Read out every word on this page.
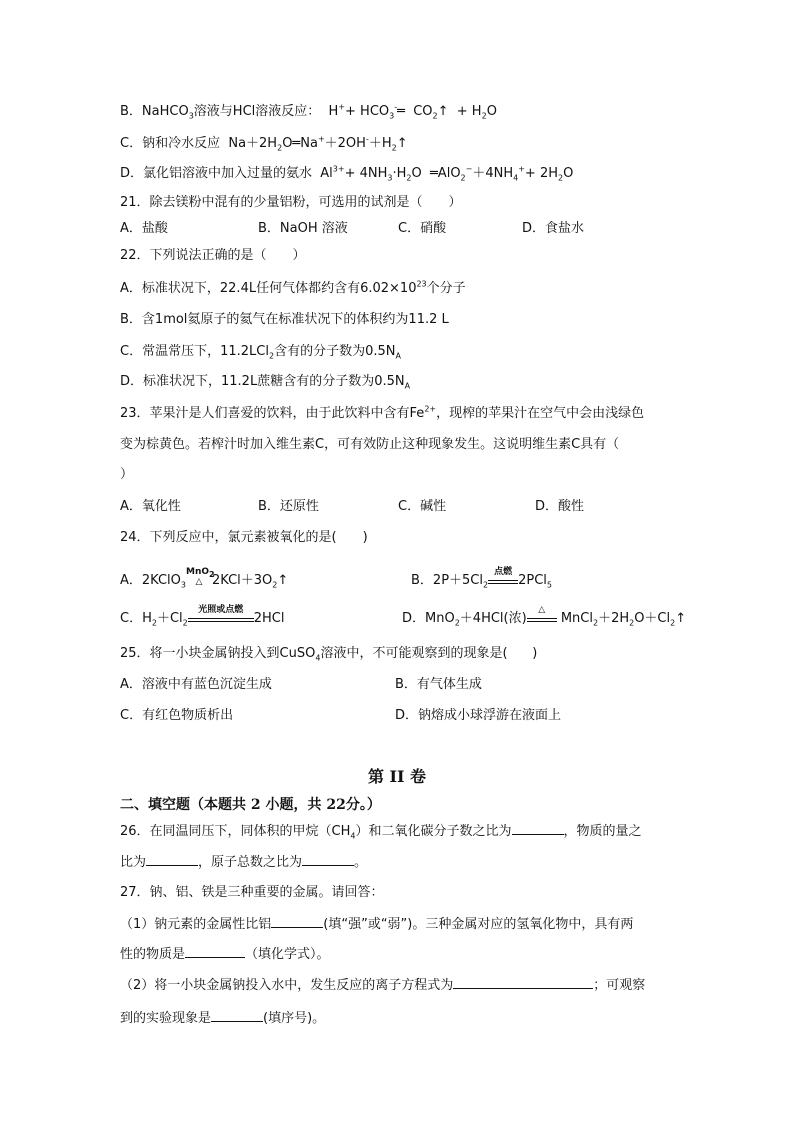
B．NaHCO$_3$溶液与HCl溶液反应：  $H^++ HCO_3^-═$  $CO_2↑ + H_2O$
C．钠和冷水反应  $Na+2H_2O═Na^++2OH^-+H_2↑$
D．氯化铝溶液中加入过量的氨水  $Al^{3+}+ 4NH_3\cdot H_2O$  $═AlO_2^-+4NH_4^++ 2H_2O$
21．除去镁粉中混有的少量铝粉，可选用的试剂是（　　）
A．盐酸	B．NaOH 溶液	C．硝酸	D．食盐水
22．下列说法正确的是（　　）
A．标准状况下，22.4L任何气体都约含有$6.02\times 10^{23}$个分子
B．含1mol氦原子的氦气在标准状况下的体积约为11.2 L
C．常温常压下，11.2LCl$_2$含有的分子数为$0.5N_A$
D．标准状况下，11.2L蔗糖含有的分子数为$0.5N_A$
23．苹果汁是人们喜爱的饮料，由于此饮料中含有$Fe^{2+}$，现榨的苹果汁在空气中会由浅绿色
变为棕黄色。若榨汁时加入维生素C，可有效防止这种现象发生。这说明维生素C具有（
）
A．氧化性	B．还原性	C．碱性	D．酸性
24．下列反应中，氯元素被氧化的是(　　)
A．2KClO$_3$
MnO$_2$
△ $2KCl+3O_2↑$	B．$2P+5Cl_2$
点燃
2PCl$_5$
C．$H_2+Cl_2$
光照或点燃
2HCl	D．MnO$_2$＋4HCl(浓)
△
$MnCl_2+2H_2O+Cl_2↑$
25．将一小块金属钠投入到CuSO$_4$溶液中，不可能观察到的现象是(      )
A．溶液中有蓝色沉淀生成	B．有气体生成
C．有红色物质析出	D．钠熔成小球浮游在液面上
第 II 卷
二、填空题（本题共 2 小题，共 22分。）
26．在同温同压下，同体积的甲烷$(CH_4)$和二氧化碳分子数之比为	，物质的量之
比为	，原子总数之比为	。
27．钠、铝、铁是三种重要的金属。请回答：
（1）钠元素的金属性比铝	(填“强”或“弱”)。三种金属对应的氢氧化物中，具有两
性的物质是	（填化学式）。
（2）将一小块金属钠投入水中，发生反应的离子方程式为	；可观察
到的实验现象是	(填序号)。
